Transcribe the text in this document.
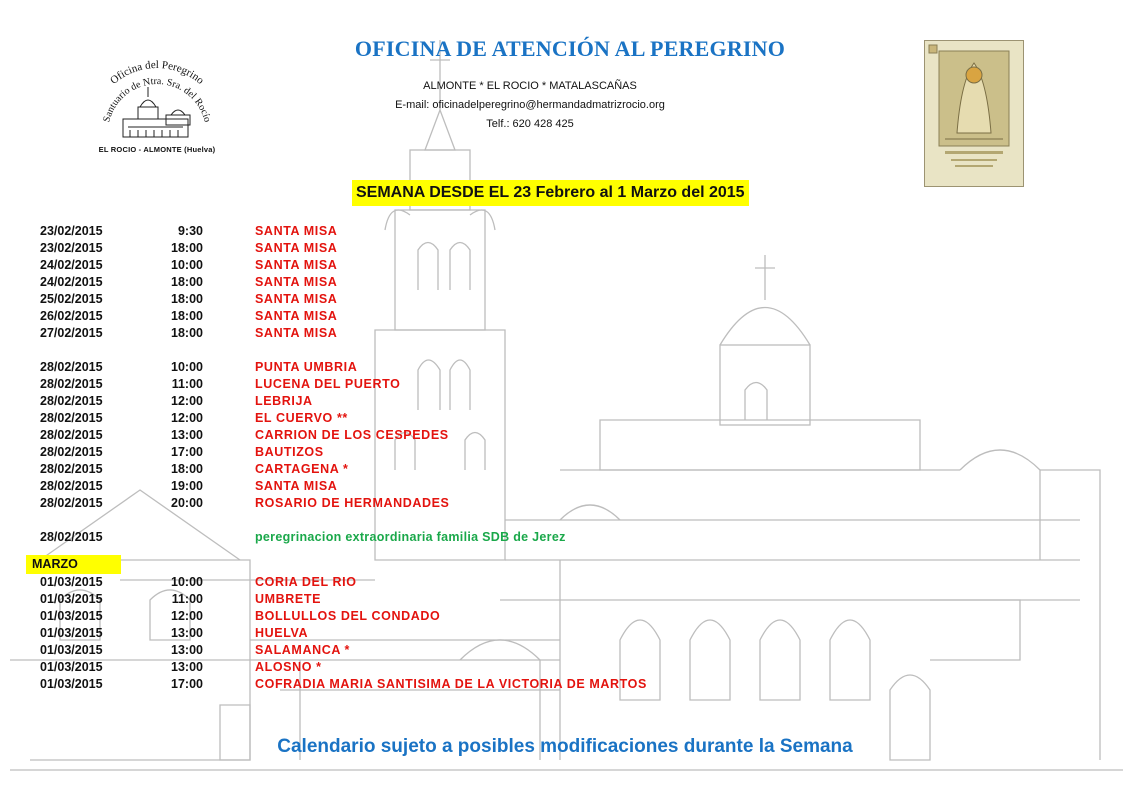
Oficina del Peregrino
Santuario de Ntra. Sra. del Rocío
EL ROCIO - ALMONTE (Huelva)
OFICINA DE ATENCIÓN AL PEREGRINO
ALMONTE * EL ROCIO * MATALASCAÑAS
E-mail: oficinadelperegrino@hermandadmatrizrocio.org
Telf.: 620 428 425
SEMANA DESDE EL 23 Febrero al 1 Marzo del 2015
23/02/2015	9:30	SANTA MISA
23/02/2015	18:00	SANTA MISA
24/02/2015	10:00	SANTA MISA
24/02/2015	18:00	SANTA MISA
25/02/2015	18:00	SANTA MISA
26/02/2015	18:00	SANTA MISA
27/02/2015	18:00	SANTA MISA
28/02/2015	10:00	PUNTA UMBRIA
28/02/2015	11:00	LUCENA DEL PUERTO
28/02/2015	12:00	LEBRIJA
28/02/2015	12:00	EL CUERVO **
28/02/2015	13:00	CARRION DE LOS CESPEDES
28/02/2015	17:00	BAUTIZOS
28/02/2015	18:00	CARTAGENA *
28/02/2015	19:00	SANTA MISA
28/02/2015	20:00	ROSARIO DE HERMANDADES
28/02/2015	peregrinacion extraordinaria familia SDB de Jerez
MARZO
01/03/2015	10:00	CORIA DEL RIO
01/03/2015	11:00	UMBRETE
01/03/2015	12:00	BOLLULLOS DEL CONDADO
01/03/2015	13:00	HUELVA
01/03/2015	13:00	SALAMANCA *
01/03/2015	13:00	ALOSNO *
01/03/2015	17:00	COFRADIA MARIA SANTISIMA DE LA VICTORIA DE MARTOS
Calendario sujeto a posibles modificaciones durante la Semana
